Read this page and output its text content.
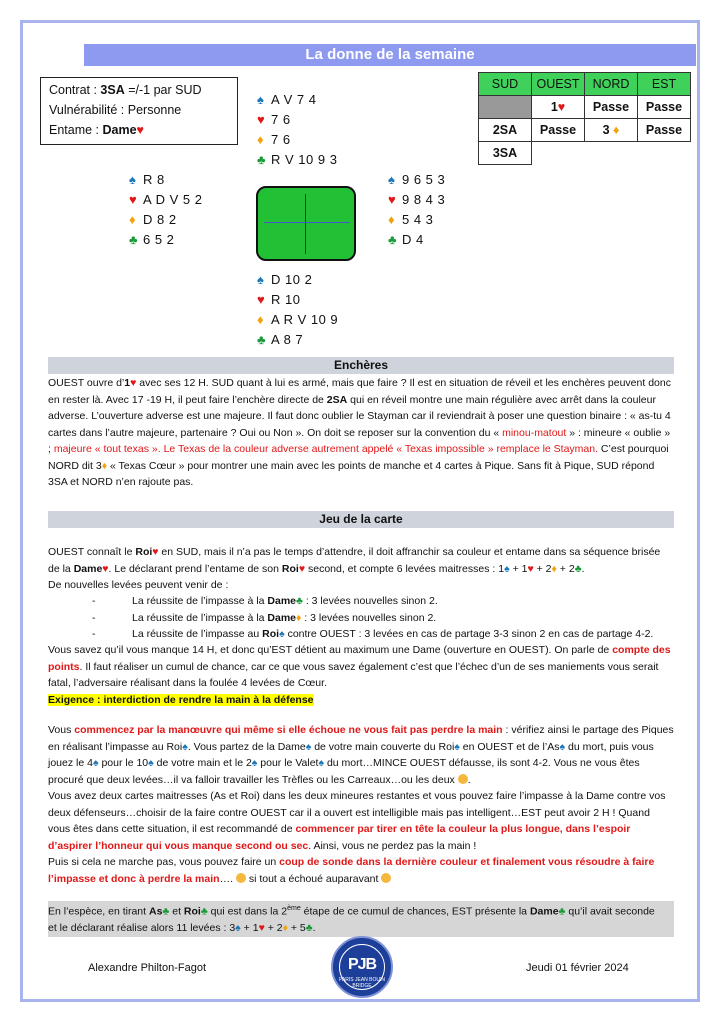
La donne de la semaine
Contrat : 3SA =/-1 par SUD
Vulnérabilité : Personne
Entame : Dame♥
♠ A V 7 4
♥ 7 6
♦ 7 6
♣ R V 10 9 3
♠ R 8
♥ A D V 5 2
♦ D 8 2
♣ 6 5 2
♠ 9 6 5 3
♥ 9 8 4 3
♦ 5 4 3
♣ D 4
♠ D 10 2
♥ R 10
♦ A R V 10 9
♣ A 8 7
SUD	OUEST	NORD	EST
	1♥	Passe	Passe
2SA	Passe	3 ♦	Passe
3SA			
Enchères
OUEST ouvre d’1♥ avec ses 12 H. SUD quant à lui es armé, mais que faire ? Il est en situation de réveil et les enchères peuvent donc en rester là. Avec 17 -19 H, il peut faire l’enchère directe de 2SA qui en réveil montre une main régulière avec arrêt dans la couleur adverse. L’ouverture adverse est une majeure. Il faut donc oublier le Stayman car il reviendrait à poser une question binaire : « as-tu 4 cartes dans l’autre majeure, partenaire ? Oui ou Non ». On doit se reposer sur la convention du « minou-matout » : mineure « oublie » ; majeure « tout texas ». Le Texas de la couleur adverse autrement appelé « Texas impossible » remplace le Stayman. C’est pourquoi NORD dit 3♦ « Texas Cœur » pour montrer une main avec les points de manche et 4 cartes à Pique. Sans fit à Pique, SUD répond 3SA et NORD n’en rajoute pas.
Jeu de la carte
OUEST connaît le Roi♥ en SUD, mais il n’a pas le temps d’attendre, il doit affranchir sa couleur et entame dans sa séquence brisée de la Dame♥. Le déclarant prend l’entame de son Roi♥ second, et compte 6 levées maitresses : 1♠ + 1♥ + 2♦ + 2♣.
De nouvelles levées peuvent venir de :
-	La réussite de l’impasse à la Dame♣ : 3 levées nouvelles sinon 2.
-	La réussite de l’impasse à la Dame♦ : 3 levées nouvelles sinon 2.
-	La réussite de l’impasse au Roi♠ contre OUEST : 3 levées en cas de partage 3-3 sinon 2 en cas de partage 4-2.
Vous savez qu’il vous manque 14 H, et donc qu’EST détient au maximum une Dame (ouverture en OUEST). On parle de compte des points. Il faut réaliser un cumul de chance, car ce que vous savez également c’est que l’échec d’un de ses maniements vous serait fatal, l’adversaire réalisant dans la foulée 4 levées de Cœur.
Exigence : interdiction de rendre la main à la défense
Vous commencez par la manœuvre qui même si elle échoue ne vous fait pas perdre la main : vérifiez ainsi le partage des Piques en réalisant l’impasse au Roi♠. Vous partez de la Dame♠ de votre main couverte du Roi♠ en OUEST et de l’As♠ du mort, puis vous jouez le 4♠ pour le 10♠ de votre main et le 2♠ pour le Valet♠ du mort…MINCE OUEST défausse, ils sont 4-2. Vous ne vous êtes procuré que deux levées…il va falloir travailler les Trèfles ou les Carreaux…ou les deux .
Vous avez deux cartes maitresses (As et Roi) dans les deux mineures restantes et vous pouvez faire l’impasse à la Dame contre vos deux défenseurs…choisir de la faire contre OUEST car il a ouvert est intelligible mais pas intelligent…EST peut avoir 2 H ! Quand vous êtes dans cette situation, il est recommandé de commencer par tirer en tête la couleur la plus longue, dans l’espoir d’aspirer l’honneur qui vous manque second ou sec. Ainsi, vous ne perdez pas la main !
Puis si cela ne marche pas, vous pouvez faire un coup de sonde dans la dernière couleur et finalement vous résoudre à faire l’impasse et donc à perdre la main….  si tout a échoué auparavant
En l’espèce, en tirant As♣ et Roi♣ qui est dans la 2ème étape de ce cumul de chances, EST présente la Dame♣ qu’il avait seconde
et le déclarant réalise alors 11 levées : 3♠ + 1♥ + 2♦ + 5♣.
Alexandre Philton-Fagot	PJB
PARIS JEAN BOUIN BRIDGE
Jeudi 01 février 2024
